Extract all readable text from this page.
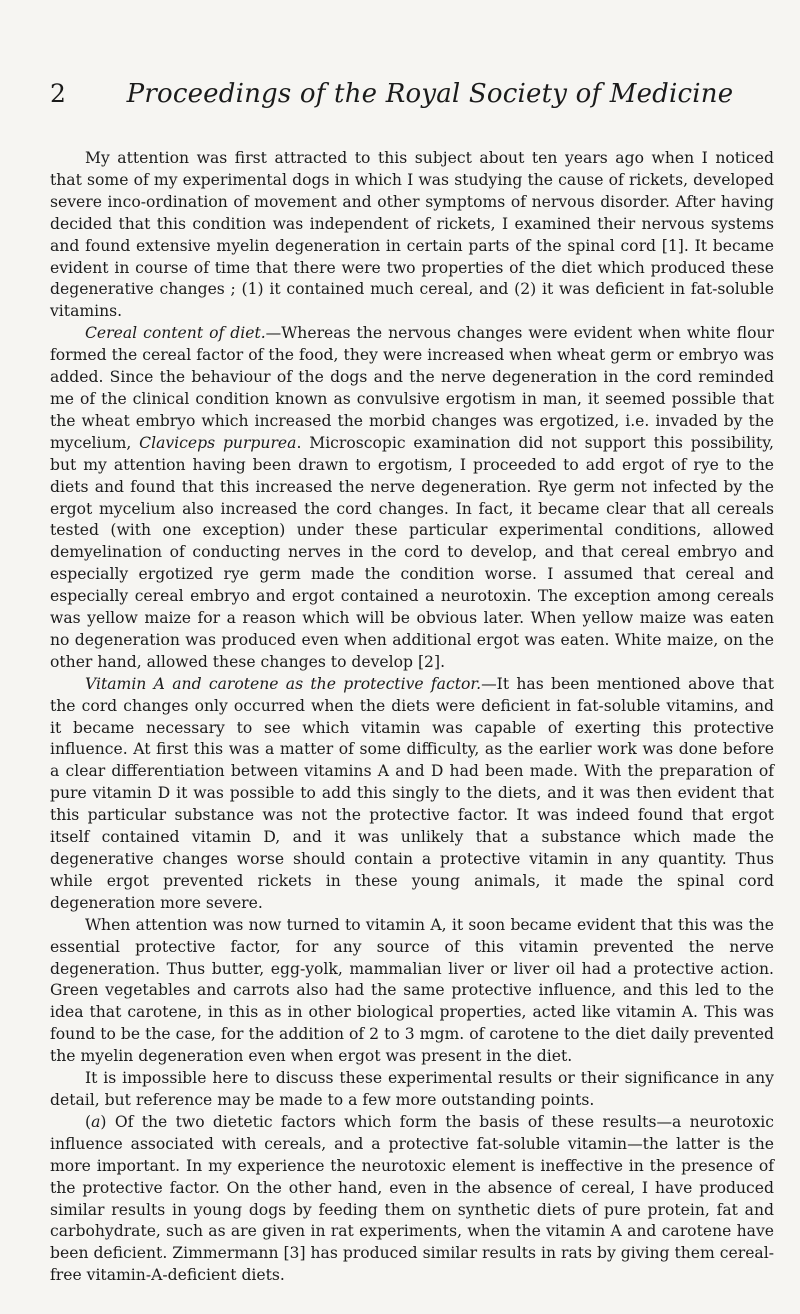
2	Proceedings of the Royal Society of Medicine

My attention was first attracted to this subject about ten years ago when I noticed that some of my experimental dogs in which I was studying the cause of rickets, developed severe inco-ordination of movement and other symptoms of nervous disorder. After having decided that this condition was independent of rickets, I examined their nervous systems and found extensive myelin degeneration in certain parts of the spinal cord [1]. It became evident in course of time that there were two properties of the diet which produced these degenerative changes ; (1) it contained much cereal, and (2) it was deficient in fat-soluble vitamins.

Cereal content of diet.—Whereas the nervous changes were evident when white flour formed the cereal factor of the food, they were increased when wheat germ or embryo was added. Since the behaviour of the dogs and the nerve degeneration in the cord reminded me of the clinical condition known as convulsive ergotism in man, it seemed possible that the wheat embryo which increased the morbid changes was ergotized, i.e. invaded by the mycelium, Claviceps purpurea. Microscopic examination did not support this possibility, but my attention having been drawn to ergotism, I proceeded to add ergot of rye to the diets and found that this increased the nerve degeneration. Rye germ not infected by the ergot mycelium also increased the cord changes. In fact, it became clear that all cereals tested (with one exception) under these particular experimental conditions, allowed demyelination of conducting nerves in the cord to develop, and that cereal embryo and especially ergotized rye germ made the condition worse. I assumed that cereal and especially cereal embryo and ergot contained a neurotoxin. The exception among cereals was yellow maize for a reason which will be obvious later. When yellow maize was eaten no degeneration was produced even when additional ergot was eaten. White maize, on the other hand, allowed these changes to develop [2].

Vitamin A and carotene as the protective factor.—It has been mentioned above that the cord changes only occurred when the diets were deficient in fat-soluble vitamins, and it became necessary to see which vitamin was capable of exerting this protective influence. At first this was a matter of some difficulty, as the earlier work was done before a clear differentiation between vitamins A and D had been made. With the preparation of pure vitamin D it was possible to add this singly to the diets, and it was then evident that this particular substance was not the protective factor. It was indeed found that ergot itself contained vitamin D, and it was unlikely that a substance which made the degenerative changes worse should contain a protective vitamin in any quantity. Thus while ergot prevented rickets in these young animals, it made the spinal cord degeneration more severe.

When attention was now turned to vitamin A, it soon became evident that this was the essential protective factor, for any source of this vitamin prevented the nerve degeneration. Thus butter, egg-yolk, mammalian liver or liver oil had a protective action. Green vegetables and carrots also had the same protective influence, and this led to the idea that carotene, in this as in other biological properties, acted like vitamin A. This was found to be the case, for the addition of 2 to 3 mgm. of carotene to the diet daily prevented the myelin degeneration even when ergot was present in the diet.

It is impossible here to discuss these experimental results or their significance in any detail, but reference may be made to a few more outstanding points.

(a) Of the two dietetic factors which form the basis of these results—a neurotoxic influence associated with cereals, and a protective fat-soluble vitamin—the latter is the more important. In my experience the neurotoxic element is ineffective in the presence of the protective factor. On the other hand, even in the absence of cereal, I have produced similar results in young dogs by feeding them on synthetic diets of pure protein, fat and carbohydrate, such as are given in rat experiments, when the vitamin A and carotene have been deficient. Zimmermann [3] has produced similar results in rats by giving them cereal-free vitamin-A-deficient diets.
